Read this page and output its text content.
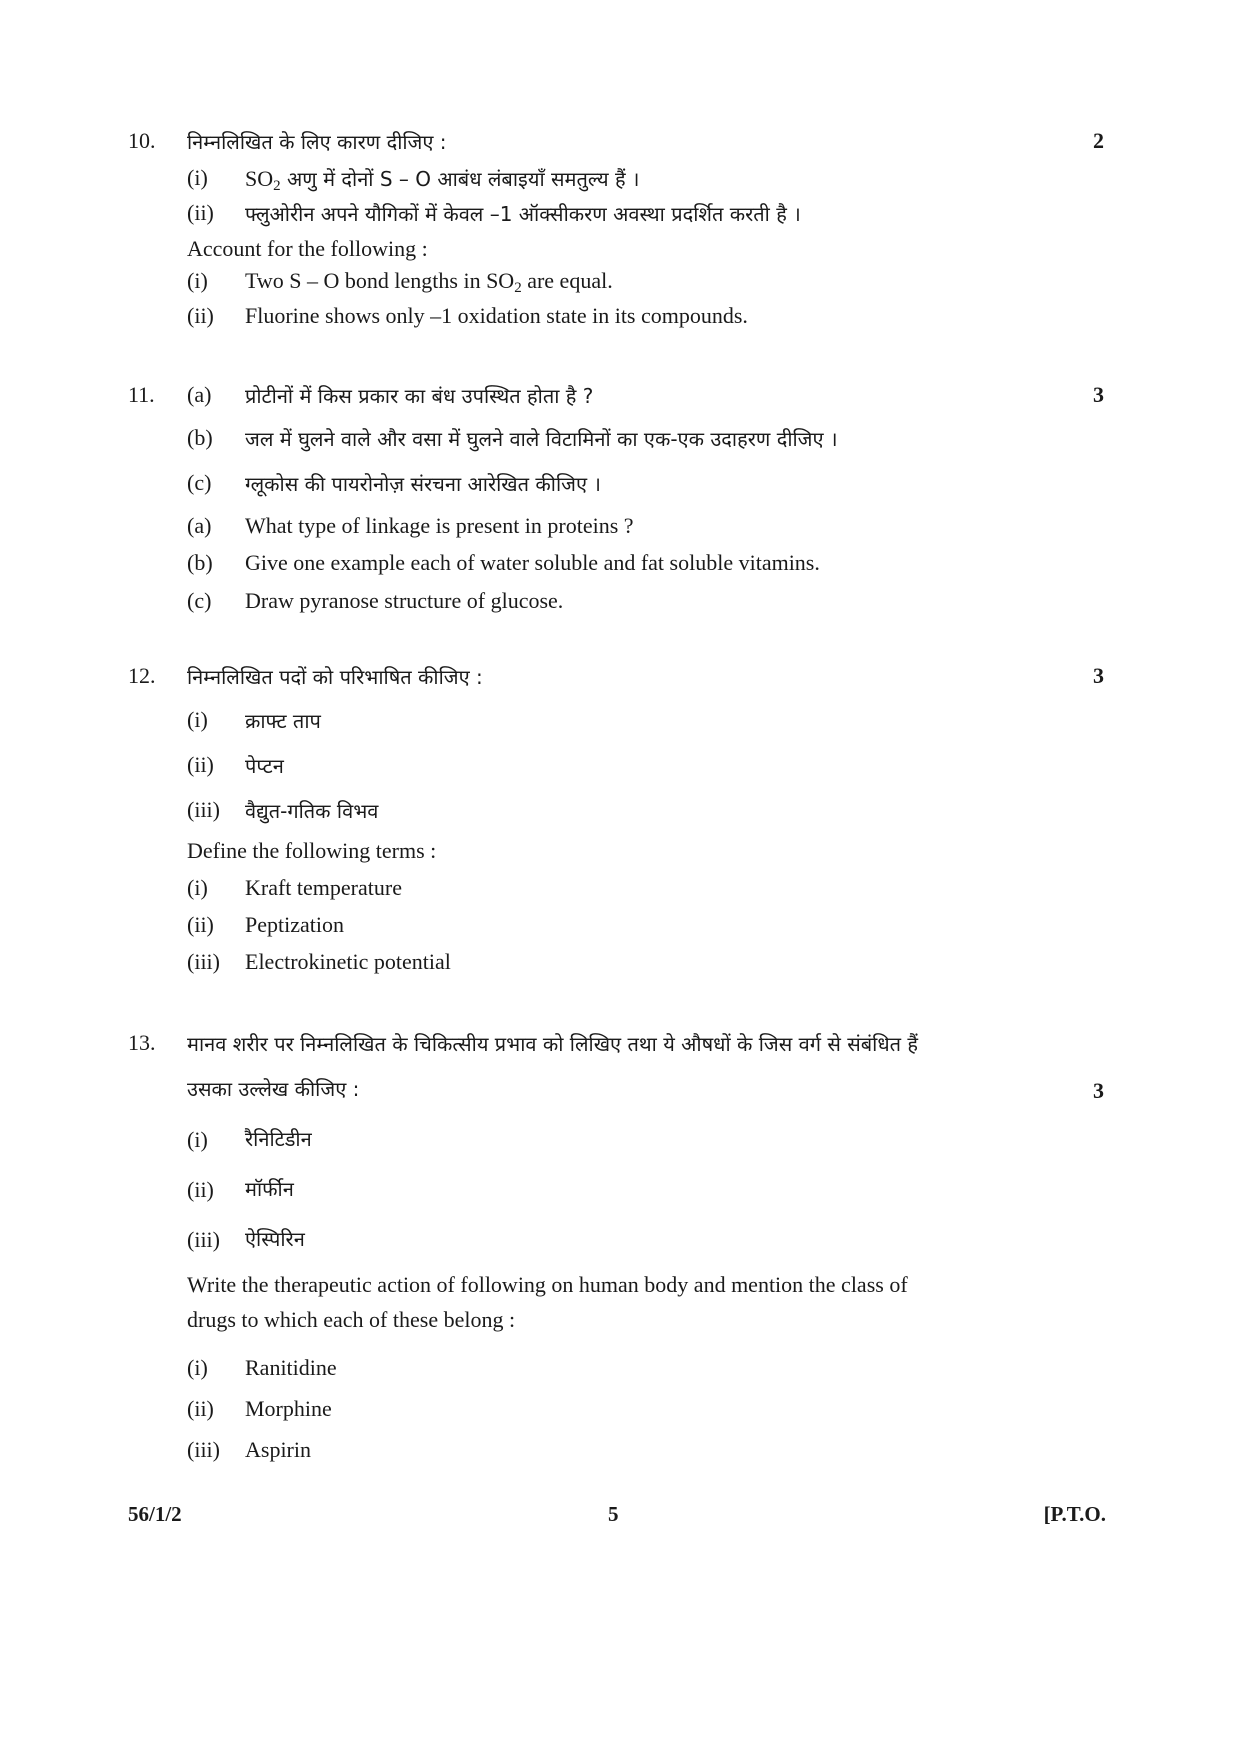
10. निम्नलिखित के लिए कारण दीजिए :	2
(i) $SO_2$ अणु में दोनों S – O आबंध लंबाइयाँ समतुल्य हैं ।
(ii) फ्लुओरीन अपने यौगिकों में केवल –1 ऑक्सीकरण अवस्था प्रदर्शित करती है ।
Account for the following :
(i) Two S – O bond lengths in $SO_2$ are equal.
(ii) Fluorine shows only –1 oxidation state in its compounds.
11. (a) प्रोटीनों में किस प्रकार का बंध उपस्थित होता है ?	3
(b) जल में घुलने वाले और वसा में घुलने वाले विटामिनों का एक-एक उदाहरण दीजिए ।
(c) ग्लूकोस की पायरोनोज़ संरचना आरेखित कीजिए ।
(a) What type of linkage is present in proteins ?
(b) Give one example each of water soluble and fat soluble vitamins.
(c) Draw pyranose structure of glucose.
12. निम्नलिखित पदों को परिभाषित कीजिए :	3
(i) क्राफ्ट ताप
(ii) पेप्टन
(iii) वैद्युत-गतिक विभव
Define the following terms :
(i) Kraft temperature
(ii) Peptization
(iii) Electrokinetic potential
13. मानव शरीर पर निम्नलिखित के चिकित्सीय प्रभाव को लिखिए तथा ये औषधों के जिस वर्ग से संबंधित हैं
उसका उल्लेख कीजिए :	3
(i) रैनिटिडीन
(ii) मॉर्फीन
(iii) ऐस्पिरिन
Write the therapeutic action of following on human body and mention the class of
drugs to which each of these belong :
(i) Ranitidine
(ii) Morphine
(iii) Aspirin
56/1/2	5	[P.T.O.
